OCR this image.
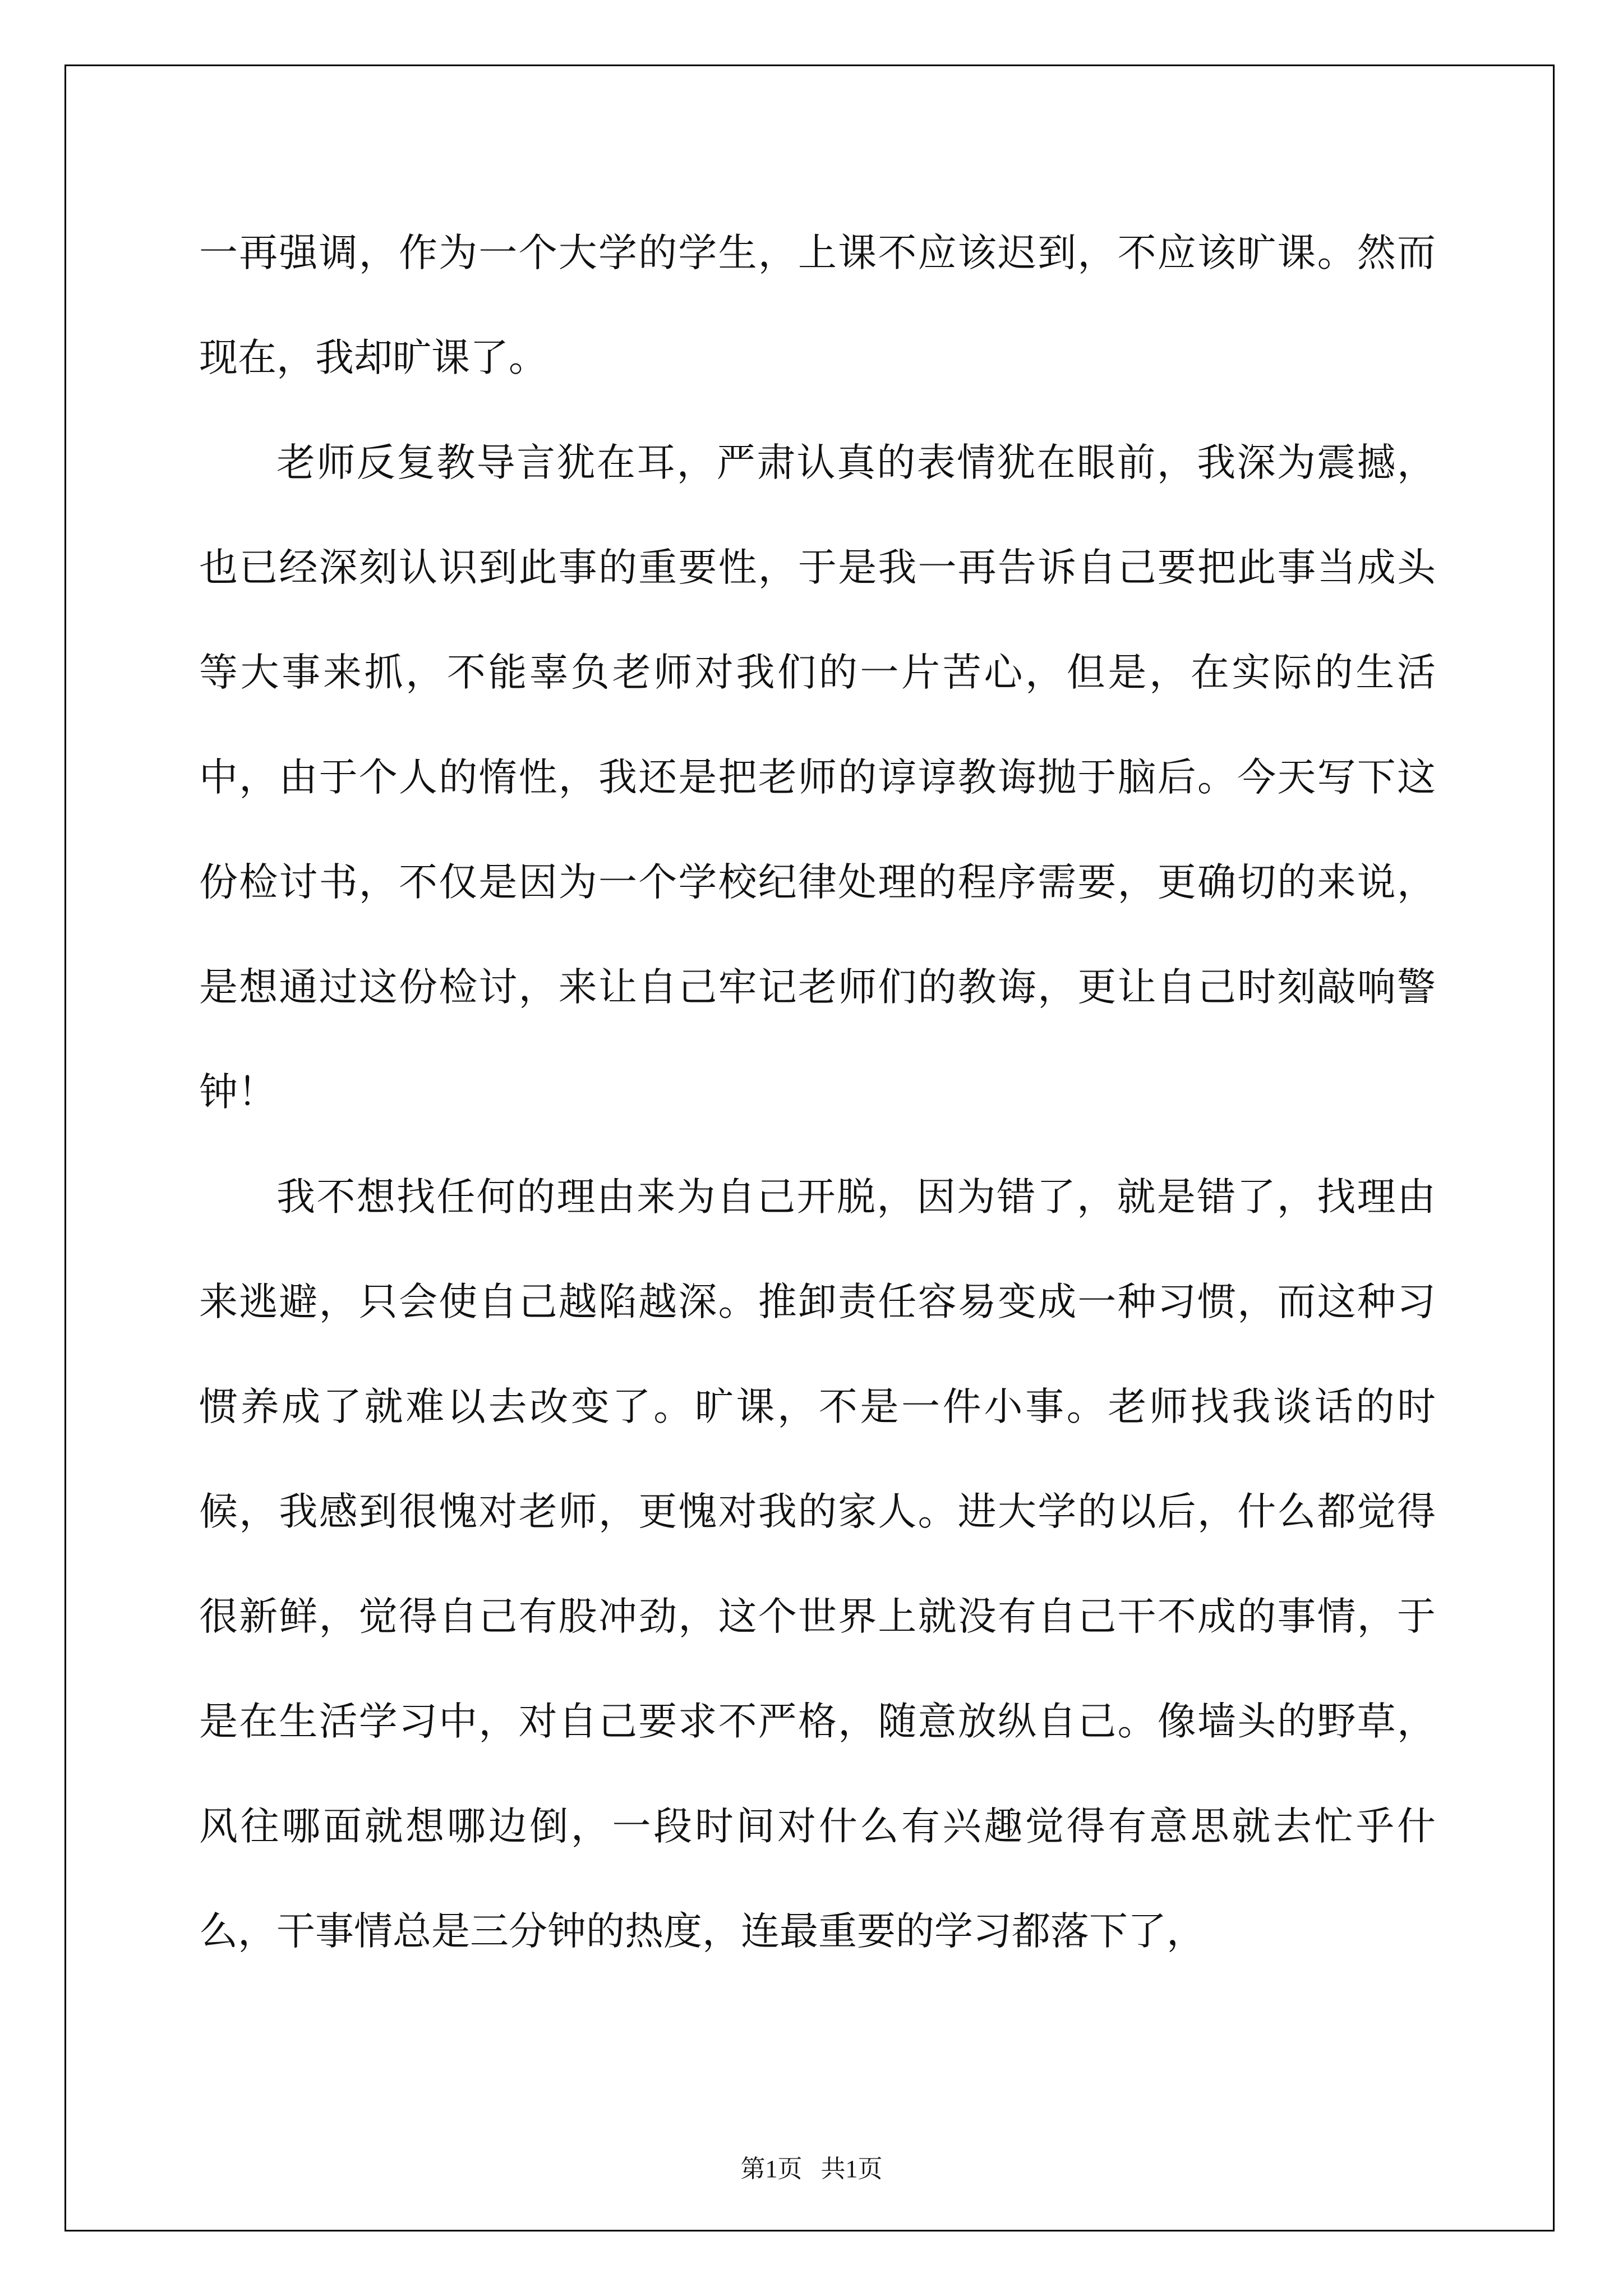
一再强调，作为一个大学的学生，上课不应该迟到，不应该旷课。然而现在，我却旷课了。

老师反复教导言犹在耳，严肃认真的表情犹在眼前，我深为震撼，也已经深刻认识到此事的重要性，于是我一再告诉自己要把此事当成头等大事来抓，不能辜负老师对我们的一片苦心，但是，在实际的生活中，由于个人的惰性，我还是把老师的谆谆教诲抛于脑后。今天写下这份检讨书，不仅是因为一个学校纪律处理的程序需要，更确切的来说，是想通过这份检讨，来让自己牢记老师们的教诲，更让自己时刻敲响警钟！

我不想找任何的理由来为自己开脱，因为错了，就是错了，找理由来逃避，只会使自己越陷越深。推卸责任容易变成一种习惯，而这种习惯养成了就难以去改变了。旷课，不是一件小事。老师找我谈话的时候，我感到很愧对老师，更愧对我的家人。进大学的以后，什么都觉得很新鲜，觉得自己有股冲劲，这个世界上就没有自己干不成的事情，于是在生活学习中，对自己要求不严格，随意放纵自己。像墙头的野草，风往哪面就想哪边倒，一段时间对什么有兴趣觉得有意思就去忙乎什么，干事情总是三分钟的热度，连最重要的学习都落下了，

第1页   共1页
